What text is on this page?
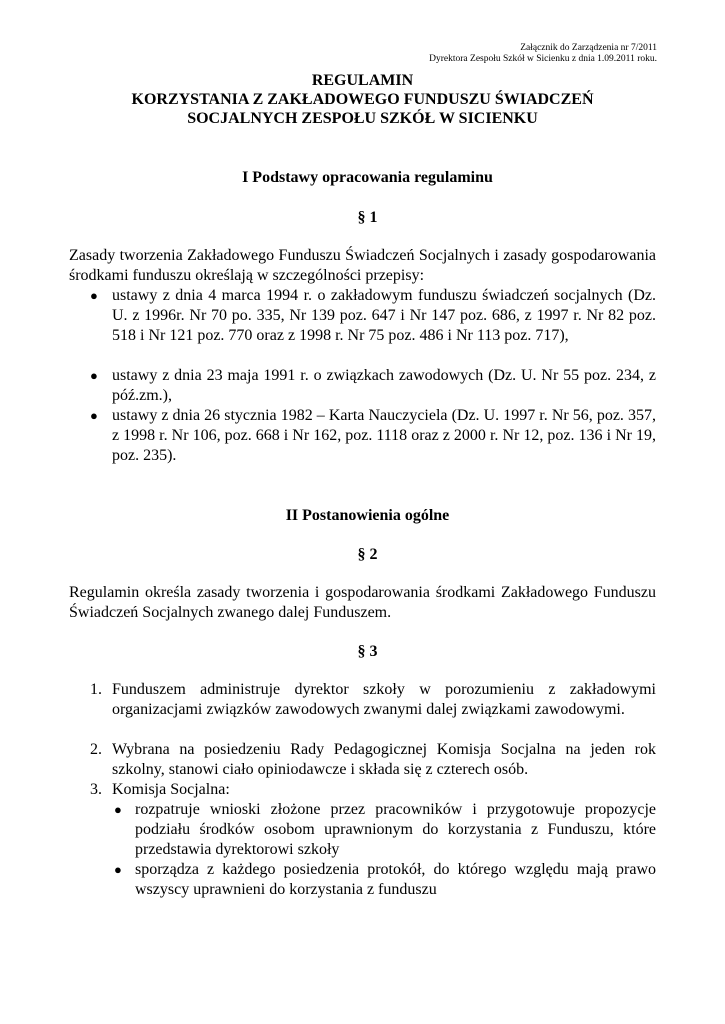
Załącznik do Zarządzenia nr 7/2011
Dyrektora Zespołu Szkół w Sicienku z dnia 1.09.2011 roku.
REGULAMIN
KORZYSTANIA Z ZAKŁADOWEGO FUNDUSZU ŚWIADCZEŃ
SOCJALNYCH ZESPOŁU SZKÓŁ W SICIENKU
I Podstawy opracowania regulaminu
§ 1
Zasady tworzenia Zakładowego Funduszu Świadczeń Socjalnych i zasady gospodarowania środkami funduszu określają w szczególności przepisy:
● ustawy z dnia 4 marca 1994 r. o zakładowym funduszu świadczeń socjalnych (Dz. U. z 1996r. Nr 70 po. 335, Nr 139 poz. 647 i Nr 147 poz. 686, z 1997 r. Nr 82 poz. 518 i Nr 121 poz. 770 oraz z 1998 r. Nr 75 poz. 486 i Nr 113 poz. 717),
● ustawy z dnia 23 maja 1991 r. o związkach zawodowych (Dz. U. Nr 55 poz. 234, z póź.zm.),
● ustawy z dnia 26 stycznia 1982 – Karta Nauczyciela (Dz. U. 1997 r. Nr 56, poz. 357, z 1998 r. Nr 106, poz. 668 i Nr 162, poz. 1118 oraz z 2000 r. Nr 12, poz. 136 i Nr 19, poz. 235).
II Postanowienia ogólne
§ 2
Regulamin określa zasady tworzenia i gospodarowania środkami Zakładowego Funduszu Świadczeń Socjalnych zwanego dalej Funduszem.
§ 3
1. Funduszem administruje dyrektor szkoły w porozumieniu z zakładowymi organizacjami związków zawodowych zwanymi dalej związkami zawodowymi.
2. Wybrana na posiedzeniu Rady Pedagogicznej Komisja Socjalna na jeden rok szkolny, stanowi ciało opiniodawcze i składa się z czterech osób.
3. Komisja Socjalna:
● rozpatruje wnioski złożone przez pracowników i przygotowuje propozycje podziału środków osobom uprawnionym do korzystania z Funduszu, które przedstawia dyrektorowi szkoły
● sporządza z każdego posiedzenia protokół, do którego względu mają prawo wszyscy uprawnieni do korzystania z funduszu
